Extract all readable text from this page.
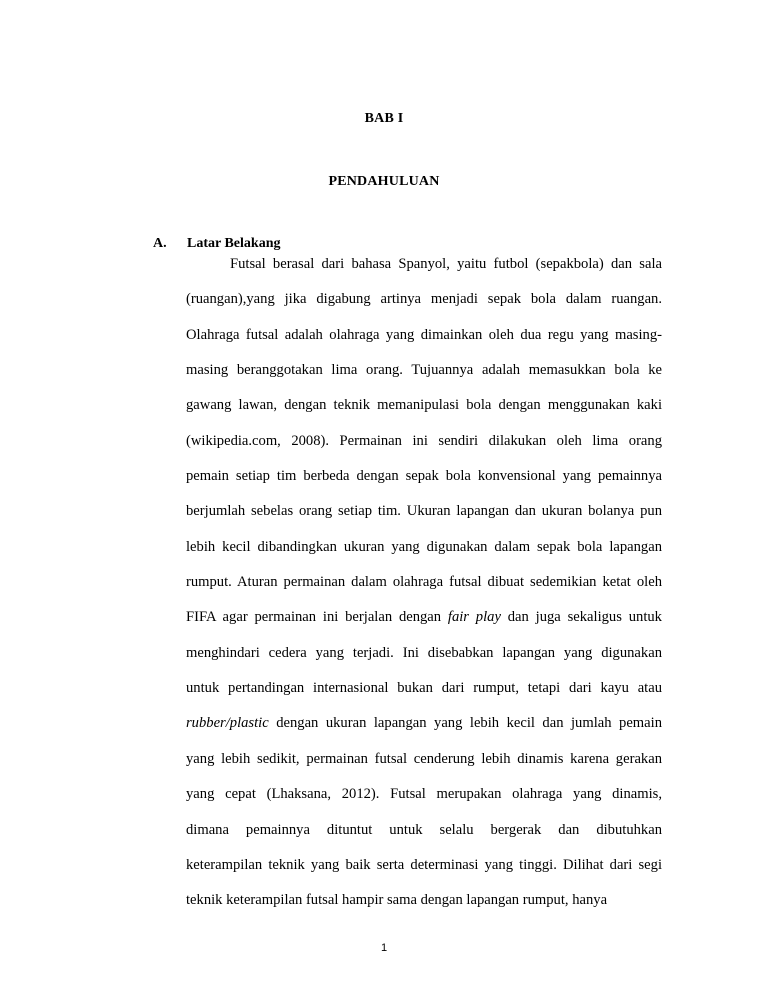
BAB I
PENDAHULUAN
A. Latar Belakang
Futsal berasal dari bahasa Spanyol, yaitu futbol (sepakbola) dan sala
(ruangan),yang jika digabung artinya menjadi sepak bola dalam ruangan.
Olahraga futsal adalah olahraga yang dimainkan oleh dua regu yang masing-
masing beranggotakan lima orang. Tujuannya adalah memasukkan bola ke
gawang lawan, dengan teknik memanipulasi bola dengan menggunakan kaki
(wikipedia.com, 2008). Permainan ini sendiri dilakukan oleh lima orang
pemain setiap tim berbeda dengan sepak bola konvensional yang pemainnya
berjumlah sebelas orang setiap tim. Ukuran lapangan dan ukuran bolanya pun
lebih kecil dibandingkan ukuran yang digunakan dalam sepak bola lapangan
rumput. Aturan permainan dalam olahraga futsal dibuat sedemikian ketat oleh
FIFA agar permainan ini berjalan dengan fair play dan juga sekaligus untuk
menghindari cedera yang terjadi. Ini disebabkan lapangan yang digunakan
untuk pertandingan internasional bukan dari rumput, tetapi dari kayu atau
rubber/plastic dengan ukuran lapangan yang lebih kecil dan jumlah pemain
yang lebih sedikit, permainan futsal cenderung lebih dinamis karena gerakan
yang cepat (Lhaksana, 2012). Futsal merupakan olahraga yang dinamis,
dimana pemainnya dituntut untuk selalu bergerak dan dibutuhkan
keterampilan teknik yang baik serta determinasi yang tinggi. Dilihat dari segi
teknik keterampilan futsal hampir sama dengan lapangan rumput, hanya
1
